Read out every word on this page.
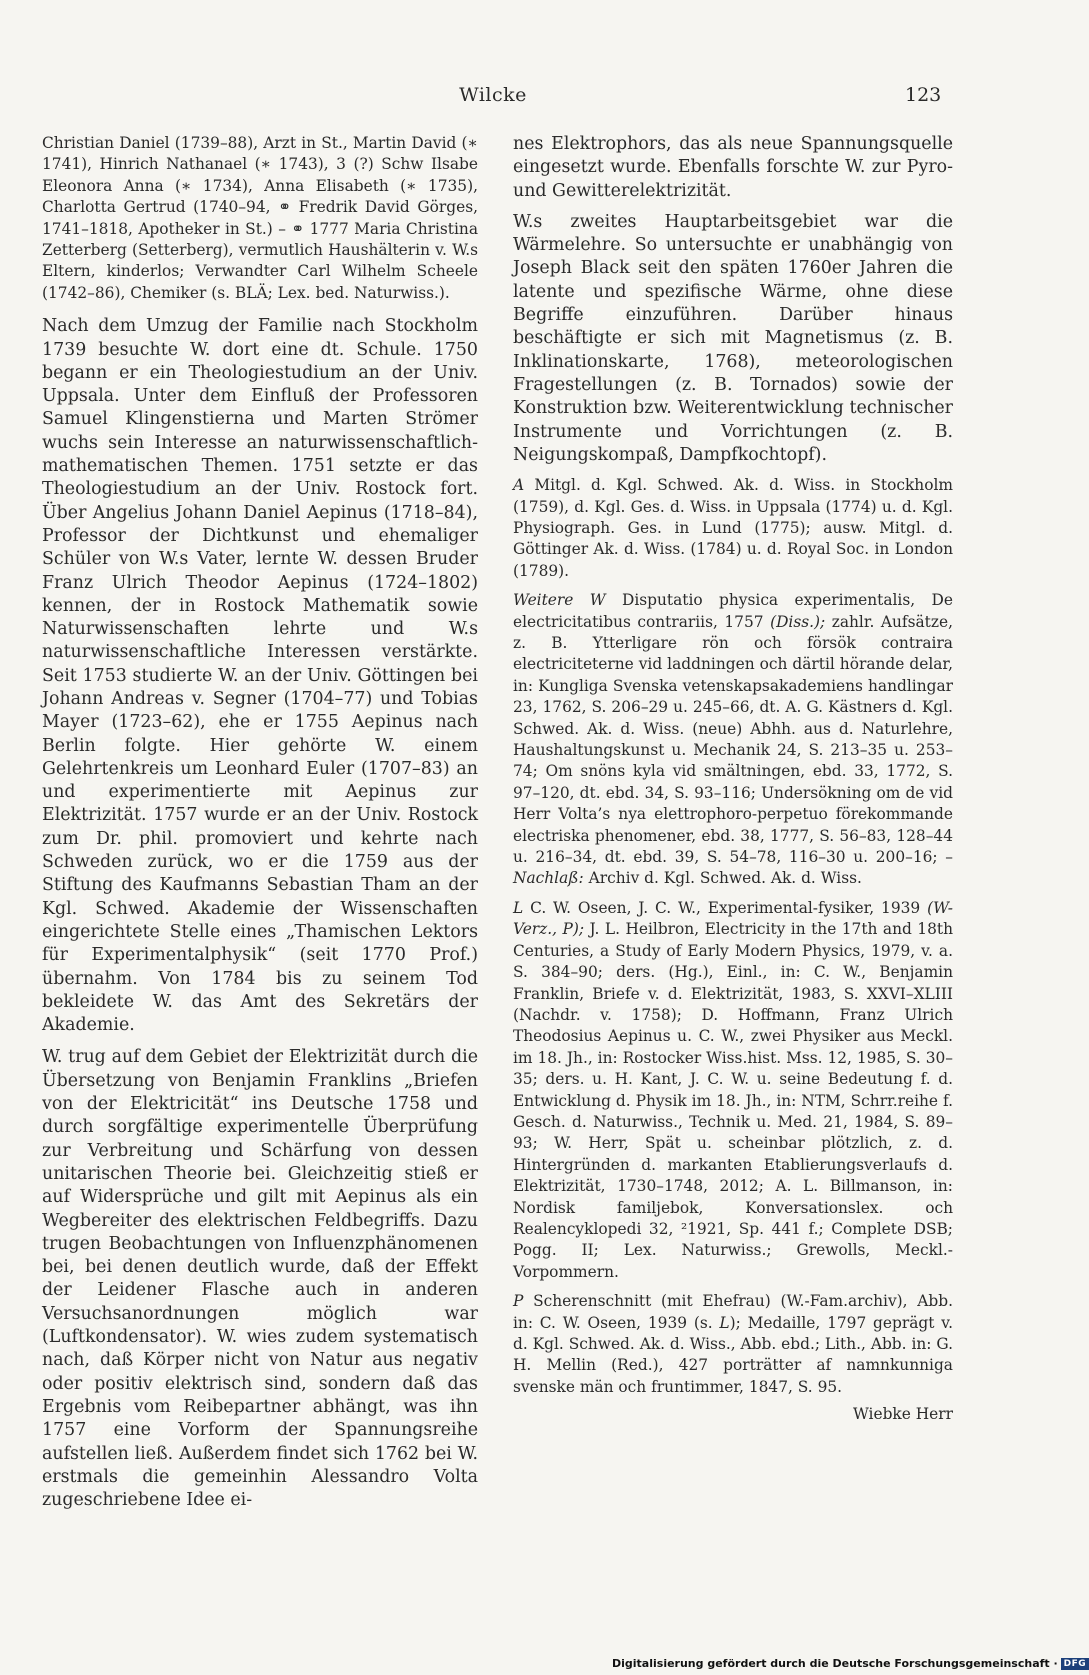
Wilcke	123

Christian Daniel (1739–88), Arzt in St., Martin David (∗ 1741), Hinrich Nathanael (∗ 1743), 3 (?) Schw Ilsabe Eleonora Anna (∗ 1734), Anna Elisabeth (∗ 1735), Charlotta Gertrud (1740–94, ⚭ Fredrik David Görges, 1741–1818, Apotheker in St.) – ⚭ 1777 Maria Christina Zetterberg (Setterberg), vermutlich Haushälterin v. W.s Eltern, kinderlos; Verwandter Carl Wilhelm Scheele (1742–86), Chemiker (s. BLÄ; Lex. bed. Naturwiss.).

Nach dem Umzug der Familie nach Stockholm 1739 besuchte W. dort eine dt. Schule. 1750 begann er ein Theologiestudium an der Univ. Uppsala. Unter dem Einfluß der Professoren Samuel Klingenstierna und Marten Strömer wuchs sein Interesse an naturwissenschaftlich-mathematischen Themen. 1751 setzte er das Theologiestudium an der Univ. Rostock fort. Über Angelius Johann Daniel Aepinus (1718–84), Professor der Dichtkunst und ehemaliger Schüler von W.s Vater, lernte W. dessen Bruder Franz Ulrich Theodor Aepinus (1724–1802) kennen, der in Rostock Mathematik sowie Naturwissenschaften lehrte und W.s naturwissenschaftliche Interessen verstärkte. Seit 1753 studierte W. an der Univ. Göttingen bei Johann Andreas v. Segner (1704–77) und Tobias Mayer (1723–62), ehe er 1755 Aepinus nach Berlin folgte. Hier gehörte W. einem Gelehrtenkreis um Leonhard Euler (1707–83) an und experimentierte mit Aepinus zur Elektrizität. 1757 wurde er an der Univ. Rostock zum Dr. phil. promoviert und kehrte nach Schweden zurück, wo er die 1759 aus der Stiftung des Kaufmanns Sebastian Tham an der Kgl. Schwed. Akademie der Wissenschaften eingerichtete Stelle eines „Thamischen Lektors für Experimentalphysik“ (seit 1770 Prof.) übernahm. Von 1784 bis zu seinem Tod bekleidete W. das Amt des Sekretärs der Akademie.

W. trug auf dem Gebiet der Elektrizität durch die Übersetzung von Benjamin Franklins „Briefen von der Elektricität“ ins Deutsche 1758 und durch sorgfältige experimentelle Überprüfung zur Verbreitung und Schärfung von dessen unitarischen Theorie bei. Gleichzeitig stieß er auf Widersprüche und gilt mit Aepinus als ein Wegbereiter des elektrischen Feldbegriffs. Dazu trugen Beobachtungen von Influenzphänomenen bei, bei denen deutlich wurde, daß der Effekt der Leidener Flasche auch in anderen Versuchsanordnungen möglich war (Luftkondensator). W. wies zudem systematisch nach, daß Körper nicht von Natur aus negativ oder positiv elektrisch sind, sondern daß das Ergebnis vom Reibepartner abhängt, was ihn 1757 eine Vorform der Spannungsreihe aufstellen ließ. Außerdem findet sich 1762 bei W. erstmals die gemeinhin Alessandro Volta zugeschriebene Idee ei-

nes Elektrophors, das als neue Spannungsquelle eingesetzt wurde. Ebenfalls forschte W. zur Pyro- und Gewitterelektrizität.

W.s zweites Hauptarbeitsgebiet war die Wärmelehre. So untersuchte er unabhängig von Joseph Black seit den späten 1760er Jahren die latente und spezifische Wärme, ohne diese Begriffe einzuführen. Darüber hinaus beschäftigte er sich mit Magnetismus (z. B. Inklinationskarte, 1768), meteorologischen Fragestellungen (z. B. Tornados) sowie der Konstruktion bzw. Weiterentwicklung technischer Instrumente und Vorrichtungen (z. B. Neigungskompaß, Dampfkochtopf).

A Mitgl. d. Kgl. Schwed. Ak. d. Wiss. in Stockholm (1759), d. Kgl. Ges. d. Wiss. in Uppsala (1774) u. d. Kgl. Physiograph. Ges. in Lund (1775); ausw. Mitgl. d. Göttinger Ak. d. Wiss. (1784) u. d. Royal Soc. in London (1789).

Weitere W Disputatio physica experimentalis, De electricitatibus contrariis, 1757 (Diss.); zahlr. Aufsätze, z. B. Ytterligare rön och försök contraira electriciteterne vid laddningen och därtil hörande delar, in: Kungliga Svenska vetenskapsakademiens handlingar 23, 1762, S. 206–29 u. 245–66, dt. A. G. Kästners d. Kgl. Schwed. Ak. d. Wiss. (neue) Abhh. aus d. Naturlehre, Haushaltungskunst u. Mechanik 24, S. 213–35 u. 253–74; Om snöns kyla vid smältningen, ebd. 33, 1772, S. 97–120, dt. ebd. 34, S. 93–116; Undersökning om de vid Herr Volta’s nya elettrophoro-perpetuo förekommande electriska phenomener, ebd. 38, 1777, S. 56–83, 128–44 u. 216–34, dt. ebd. 39, S. 54–78, 116–30 u. 200–16; – Nachlaß: Archiv d. Kgl. Schwed. Ak. d. Wiss.

L C. W. Oseen, J. C. W., Experimental-fysiker, 1939 (W-Verz., P); J. L. Heilbron, Electricity in the 17th and 18th Centuries, a Study of Early Modern Physics, 1979, v. a. S. 384–90; ders. (Hg.), Einl., in: C. W., Benjamin Franklin, Briefe v. d. Elektrizität, 1983, S. XXVI–XLIII (Nachdr. v. 1758); D. Hoffmann, Franz Ulrich Theodosius Aepinus u. C. W., zwei Physiker aus Meckl. im 18. Jh., in: Rostocker Wiss.hist. Mss. 12, 1985, S. 30–35; ders. u. H. Kant, J. C. W. u. seine Bedeutung f. d. Entwicklung d. Physik im 18. Jh., in: NTM, Schrr.reihe f. Gesch. d. Naturwiss., Technik u. Med. 21, 1984, S. 89–93; W. Herr, Spät u. scheinbar plötzlich, z. d. Hintergründen d. markanten Etablierungsverlaufs d. Elektrizität, 1730–1748, 2012; A. L. Billmanson, in: Nordisk familjebok, Konversationslex. och Realencyklopedi 32, ²1921, Sp. 441 f.; Complete DSB; Pogg. II; Lex. Naturwiss.; Grewolls, Meckl.-Vorpommern.

P Scherenschnitt (mit Ehefrau) (W.-Fam.archiv), Abb. in: C. W. Oseen, 1939 (s. L); Medaille, 1797 geprägt v. d. Kgl. Schwed. Ak. d. Wiss., Abb. ebd.; Lith., Abb. in: G. H. Mellin (Red.), 427 porträtter af namnkunniga svenske män och fruntimmer, 1847, S. 95.

Wiebke Herr

Digitalisierung gefördert durch die Deutsche Forschungsgemeinschaft · DFG
